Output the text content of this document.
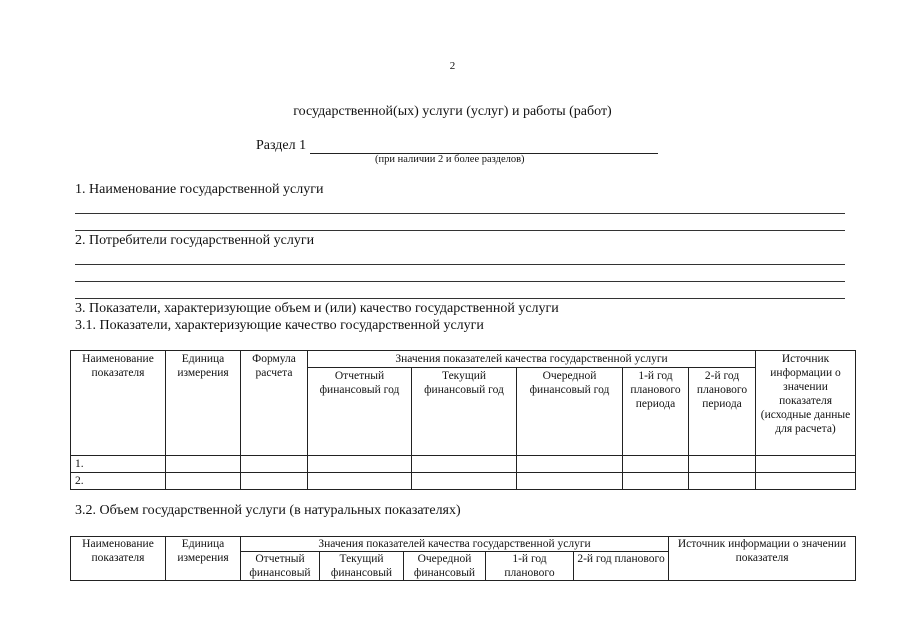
2
государственной(ых) услуги (услуг) и работы (работ)
Раздел 1
(при наличии 2 и более разделов)
1. Наименование государственной услуги
2. Потребители государственной услуги
3. Показатели, характеризующие объем и (или) качество государственной услуги
3.1. Показатели, характеризующие качество государственной услуги
Наименование показателя	Единица измерения	Формула расчета	Значения показателей качества государственной услуги					Источник информации о значении показателя (исходные данные для расчета)
			Отчетный финансовый год	Текущий финансовый год	Очередной финансовый год	1-й год планового периода	2-й год планового периода	
1.								
2.								
3.2. Объем государственной услуги (в натуральных показателях)
Наименование показателя	Единица измерения	Значения показателей качества государственной услуги					Источник информации о значении показателя
		Отчетный финансовый	Текущий финансовый	Очередной финансовый	1-й год планового	2-й год планового	
